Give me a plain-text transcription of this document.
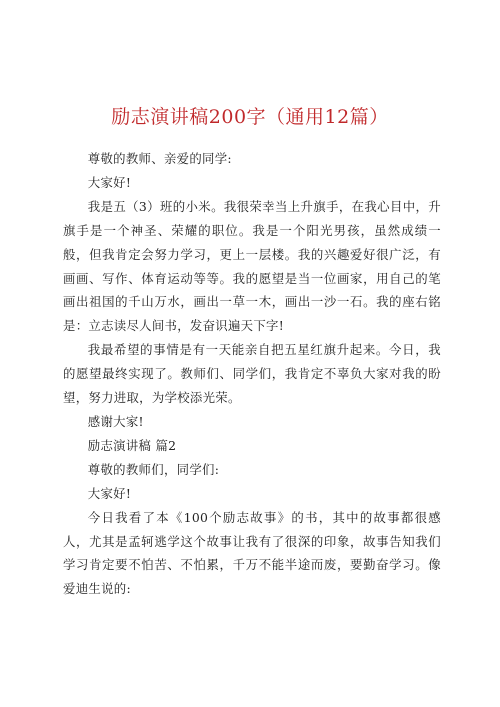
励志演讲稿200字（通用12篇）

尊敬的教师、亲爱的同学:

大家好!

我是五（3）班的小米。我很荣幸当上升旗手，在我心目中，升旗手是一个神圣、荣耀的职位。我是一个阳光男孩，虽然成绩一般，但我肯定会努力学习，更上一层楼。我的兴趣爱好很广泛，有画画、写作、体育运动等等。我的愿望是当一位画家，用自己的笔画出祖国的千山万水，画出一草一木，画出一沙一石。我的座右铭是：立志读尽人间书，发奋识遍天下字!

我最希望的事情是有一天能亲自把五星红旗升起来。今日，我的愿望最终实现了。教师们、同学们，我肯定不辜负大家对我的盼望，努力进取，为学校添光荣。

感谢大家!

励志演讲稿 篇2

尊敬的教师们，同学们:

大家好!

今日我看了本《100个励志故事》的书，其中的故事都很感人，尤其是孟轲逃学这个故事让我有了很深的印象，故事告知我们学习肯定要不怕苦、不怕累，千万不能半途而废，要勤奋学习。像爱迪生说的:
